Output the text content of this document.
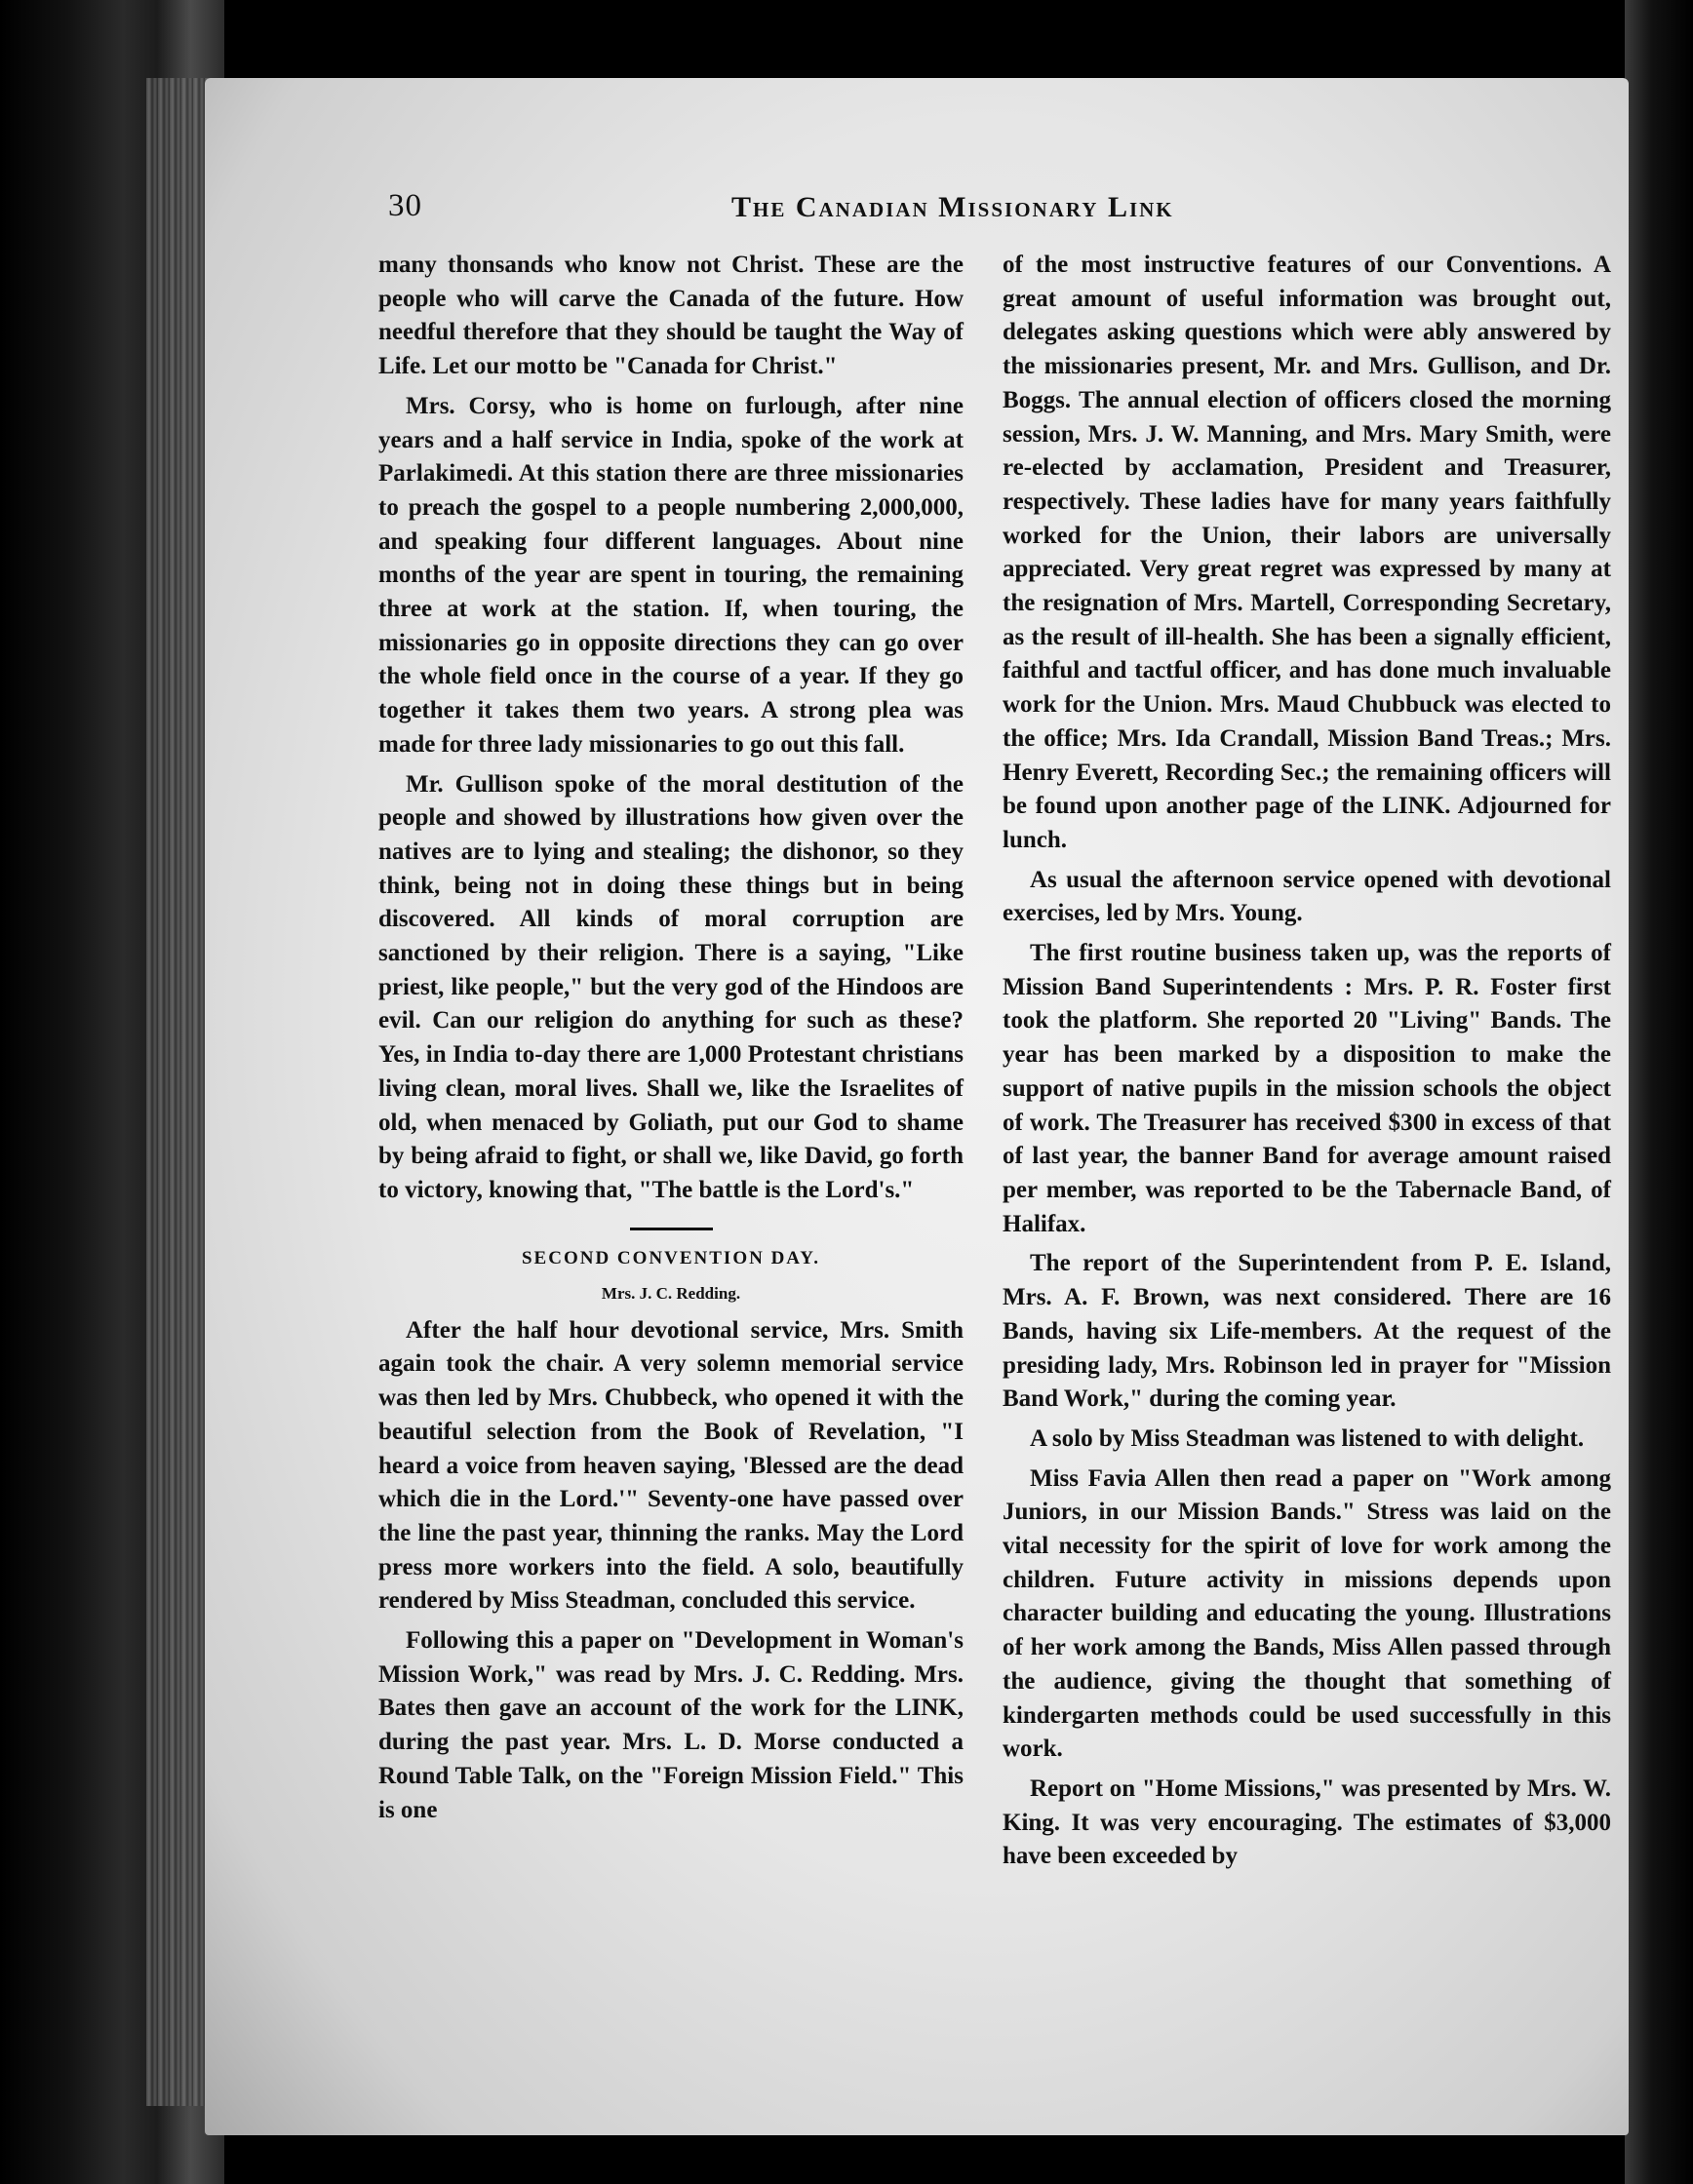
30	The Canadian Missionary Link

many thonsands who know not Christ. These are the people who will carve the Canada of the future. How needful therefore that they should be taught the Way of Life. Let our motto be "Canada for Christ."

Mrs. Corsy, who is home on furlough, after nine years and a half service in India, spoke of the work at Parlakimedi. At this station there are three missionaries to preach the gospel to a people numbering 2,000,000, and speaking four different languages. About nine months of the year are spent in touring, the remaining three at work at the station. If, when touring, the missionaries go in opposite directions they can go over the whole field once in the course of a year. If they go together it takes them two years. A strong plea was made for three lady missionaries to go out this fall.

Mr. Gullison spoke of the moral destitution of the people and showed by illustrations how given over the natives are to lying and stealing; the dishonor, so they think, being not in doing these things but in being discovered. All kinds of moral corruption are sanctioned by their religion. There is a saying, "Like priest, like people," but the very god of the Hindoos are evil. Can our religion do anything for such as these? Yes, in India to-day there are 1,000 Protestant christians living clean, moral lives. Shall we, like the Israelites of old, when menaced by Goliath, put our God to shame by being afraid to fight, or shall we, like David, go forth to victory, knowing that, "The battle is the Lord's."

SECOND CONVENTION DAY.

Mrs. J. C. Redding.

After the half hour devotional service, Mrs. Smith again took the chair. A very solemn memorial service was then led by Mrs. Chubbeck, who opened it with the beautiful selection from the Book of Revelation, "I heard a voice from heaven saying, 'Blessed are the dead which die in the Lord.'" Seventy-one have passed over the line the past year, thinning the ranks. May the Lord press more workers into the field. A solo, beautifully rendered by Miss Steadman, concluded this service.

Following this a paper on "Development in Woman's Mission Work," was read by Mrs. J. C. Redding. Mrs. Bates then gave an account of the work for the LINK, during the past year. Mrs. L. D. Morse conducted a Round Table Talk, on the "Foreign Mission Field." This is one

of the most instructive features of our Conventions. A great amount of useful information was brought out, delegates asking questions which were ably answered by the missionaries present, Mr. and Mrs. Gullison, and Dr. Boggs. The annual election of officers closed the morning session, Mrs. J. W. Manning, and Mrs. Mary Smith, were re-elected by acclamation, President and Treasurer, respectively. These ladies have for many years faithfully worked for the Union, their labors are universally appreciated. Very great regret was expressed by many at the resignation of Mrs. Martell, Corresponding Secretary, as the result of ill-health. She has been a signally efficient, faithful and tactful officer, and has done much invaluable work for the Union. Mrs. Maud Chubbuck was elected to the office; Mrs. Ida Crandall, Mission Band Treas.; Mrs. Henry Everett, Recording Sec.; the remaining officers will be found upon another page of the LINK. Adjourned for lunch.

As usual the afternoon service opened with devotional exercises, led by Mrs. Young.

The first routine business taken up, was the reports of Mission Band Superintendents : Mrs. P. R. Foster first took the platform. She reported 20 "Living" Bands. The year has been marked by a disposition to make the support of native pupils in the mission schools the object of work. The Treasurer has received $300 in excess of that of last year, the banner Band for average amount raised per member, was reported to be the Tabernacle Band, of Halifax.

The report of the Superintendent from P. E. Island, Mrs. A. F. Brown, was next considered. There are 16 Bands, having six Life-members. At the request of the presiding lady, Mrs. Robinson led in prayer for "Mission Band Work," during the coming year.

A solo by Miss Steadman was listened to with delight.

Miss Favia Allen then read a paper on "Work among Juniors, in our Mission Bands." Stress was laid on the vital necessity for the spirit of love for work among the children. Future activity in missions depends upon character building and educating the young. Illustrations of her work among the Bands, Miss Allen passed through the audience, giving the thought that something of kindergarten methods could be used successfully in this work.

Report on "Home Missions," was presented by Mrs. W. King. It was very encouraging. The estimates of $3,000 have been exceeded by
